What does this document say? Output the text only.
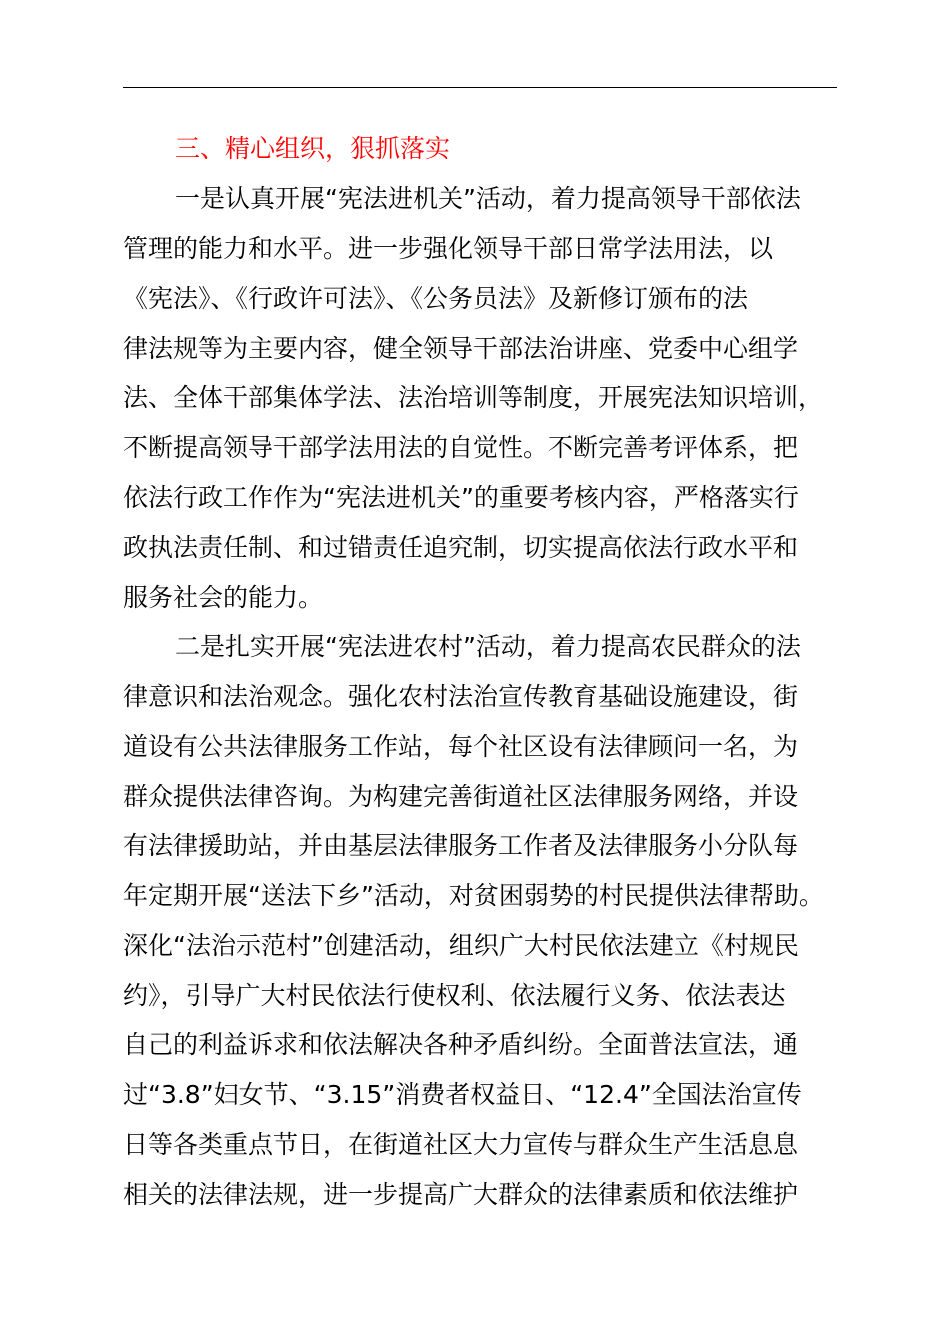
三、精心组织，狠抓落实
一是认真开展“宪法进机关”活动，着力提高领导干部依法
管理的能力和水平。进一步强化领导干部日常学法用法，以
《宪法》、《行政许可法》、《公务员法》及新修订颁布的法
律法规等为主要内容，健全领导干部法治讲座、党委中心组学
法、全体干部集体学法、法治培训等制度，开展宪法知识培训，
不断提高领导干部学法用法的自觉性。不断完善考评体系，把
依法行政工作作为“宪法进机关”的重要考核内容，严格落实行
政执法责任制、和过错责任追究制，切实提高依法行政水平和
服务社会的能力。
二是扎实开展“宪法进农村”活动，着力提高农民群众的法
律意识和法治观念。强化农村法治宣传教育基础设施建设，街
道设有公共法律服务工作站，每个社区设有法律顾问一名，为
群众提供法律咨询。为构建完善街道社区法律服务网络，并设
有法律援助站，并由基层法律服务工作者及法律服务小分队每
年定期开展“送法下乡”活动，对贫困弱势的村民提供法律帮助。
深化“法治示范村”创建活动，组织广大村民依法建立《村规民
约》，引导广大村民依法行使权利、依法履行义务、依法表达
自己的利益诉求和依法解决各种矛盾纠纷。全面普法宣法，通
过“3.8”妇女节、“3.15”消费者权益日、“12.4”全国法治宣传
日等各类重点节日，在街道社区大力宣传与群众生产生活息息
相关的法律法规，进一步提高广大群众的法律素质和依法维护
